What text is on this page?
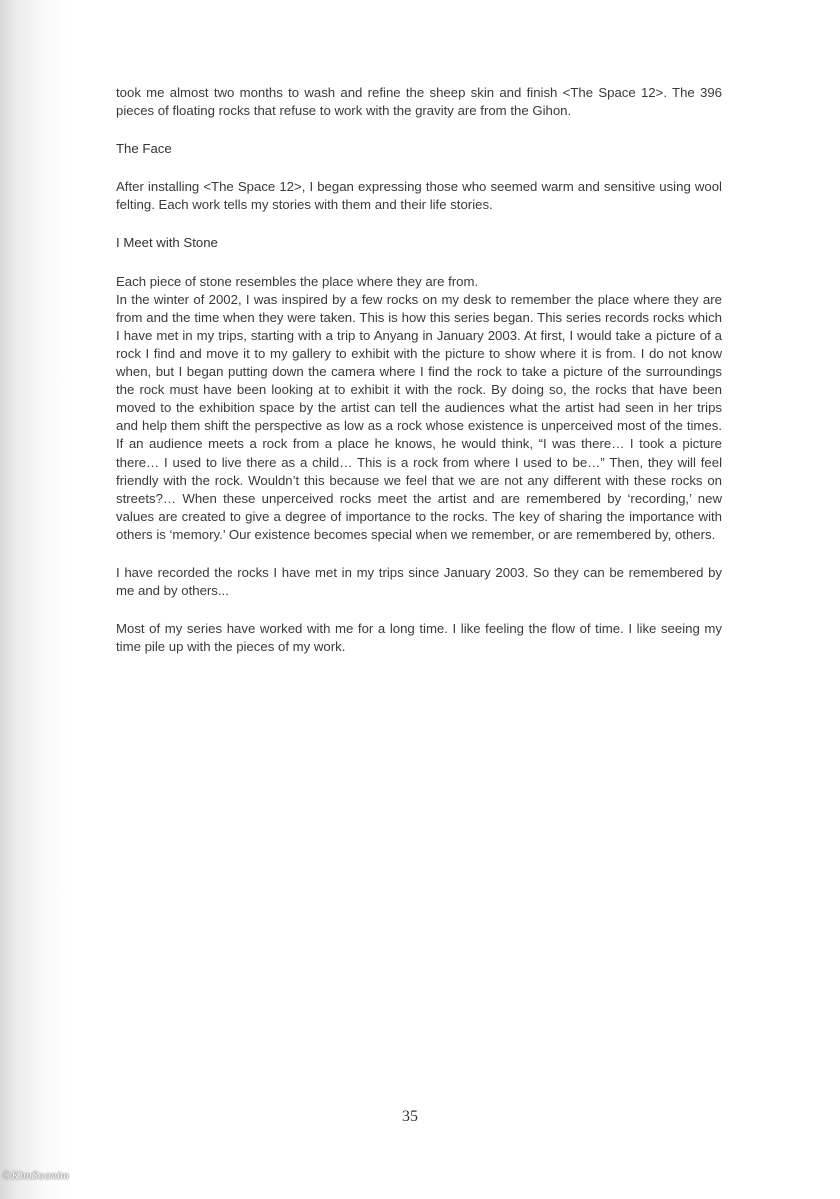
took me almost two months to wash and refine the sheep skin and finish <The Space 12>. The 396 pieces of floating rocks that refuse to work with the gravity are from the Gihon.

The Face

After installing <The Space 12>, I began expressing those who seemed warm and sensitive using wool felting. Each work tells my stories with them and their life stories.

I Meet with Stone

Each piece of stone resembles the place where they are from.
In the winter of 2002, I was inspired by a few rocks on my desk to remember the place where they are from and the time when they were taken. This is how this series began. This series records rocks which I have met in my trips, starting with a trip to Anyang in January 2003. At first, I would take a picture of a rock I find and move it to my gallery to exhibit with the picture to show where it is from. I do not know when, but I began putting down the camera where I find the rock to take a picture of the surroundings the rock must have been looking at to exhibit it with the rock. By doing so, the rocks that have been moved to the exhibition space by the artist can tell the audiences what the artist had seen in her trips and help them shift the perspective as low as a rock whose existence is unperceived most of the times. If an audience meets a rock from a place he knows, he would think, “I was there… I took a picture there… I used to live there as a child… This is a rock from where I used to be…” Then, they will feel friendly with the rock. Wouldn’t this because we feel that we are not any different with these rocks on streets?… When these unperceived rocks meet the artist and are remembered by ‘recording,’ new values are created to give a degree of importance to the rocks. The key of sharing the importance with others is ‘memory.’ Our existence becomes special when we remember, or are remembered by, others.

I have recorded the rocks I have met in my trips since January 2003. So they can be remembered by me and by others...

Most of my series have worked with me for a long time. I like feeling the flow of time. I like seeing my time pile up with the pieces of my work.

35
©KimSoonim
